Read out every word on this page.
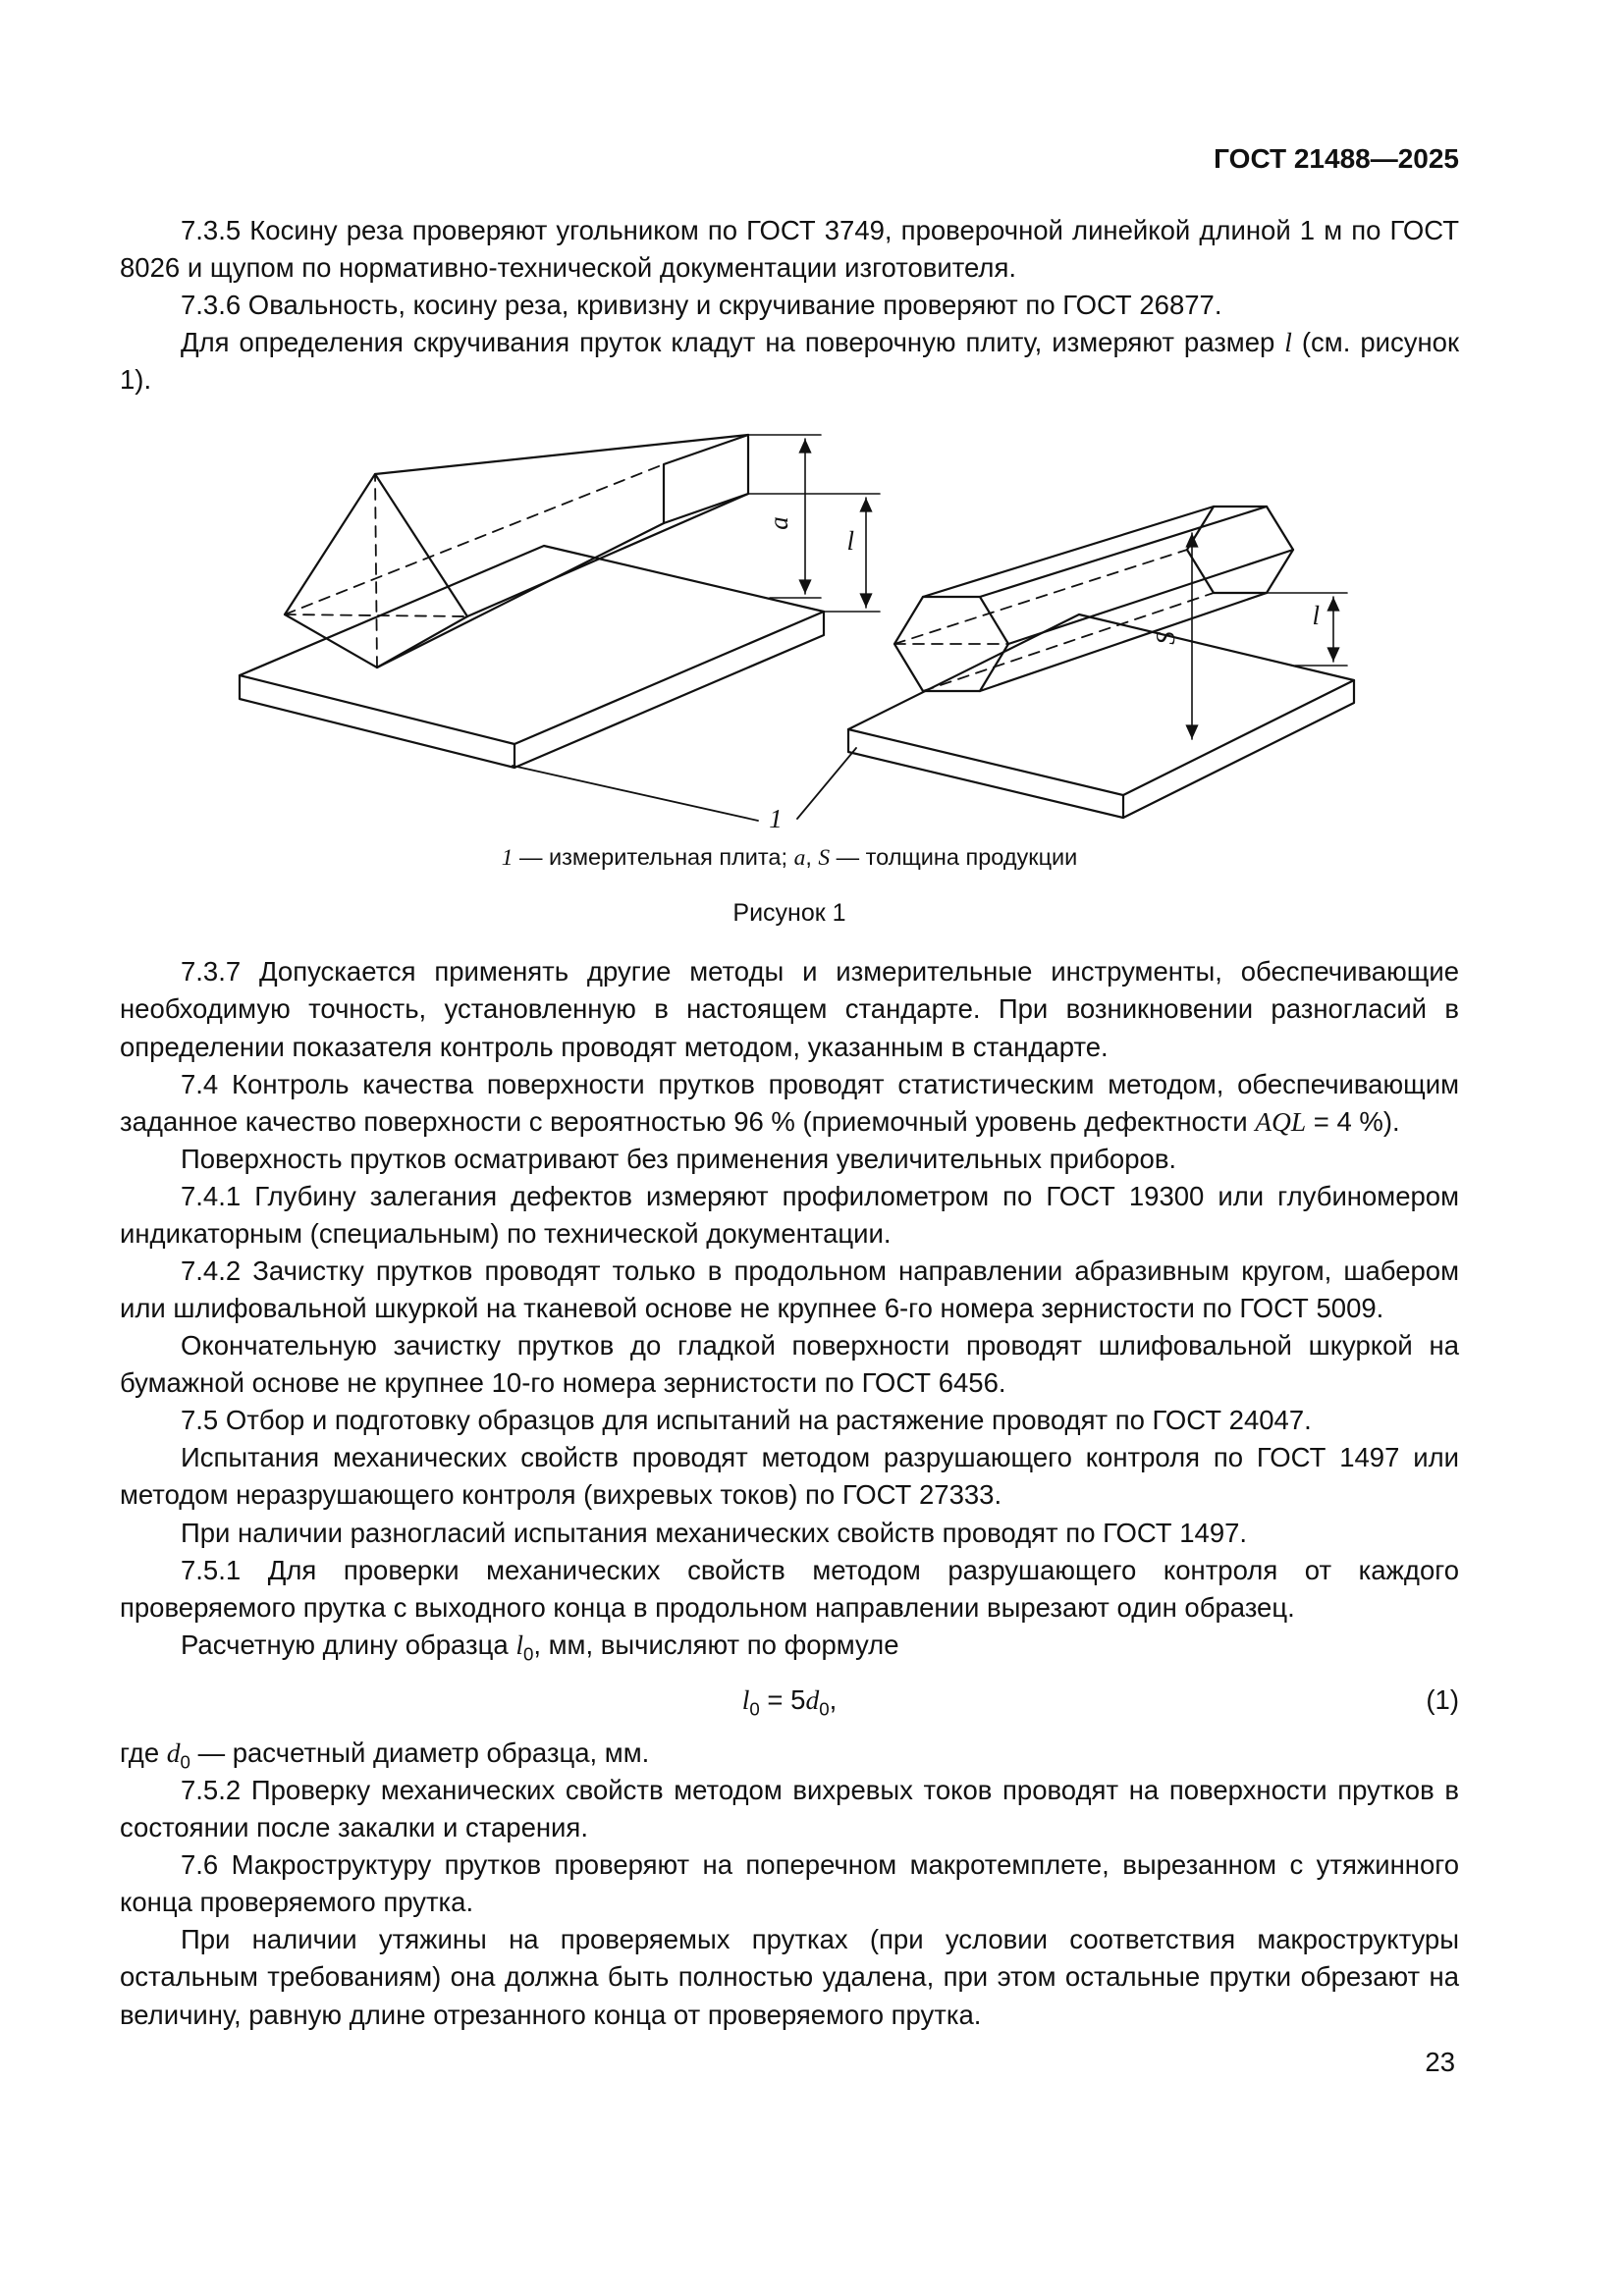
ГОСТ 21488—2025
7.3.5 Косину реза проверяют угольником по ГОСТ 3749, проверочной линейкой длиной 1 м по ГОСТ 8026 и щупом по нормативно-технической документации изготовителя.
7.3.6 Овальность, косину реза, кривизну и скручивание проверяют по ГОСТ 26877.
Для определения скручивания пруток кладут на поверочную плиту, измеряют размер l (см. рисунок 1).
l
a
1
l
S
1 — измерительная плита; a, S — толщина продукции
Рисунок 1
7.3.7 Допускается применять другие методы и измерительные инструменты, обеспечивающие необходимую точность, установленную в настоящем стандарте. При возникновении разногласий в определении показателя контроль проводят методом, указанным в стандарте.
7.4 Контроль качества поверхности прутков проводят статистическим методом, обеспечивающим заданное качество поверхности с вероятностью 96 % (приемочный уровень дефектности AQL = 4 %).
Поверхность прутков осматривают без применения увеличительных приборов.
7.4.1 Глубину залегания дефектов измеряют профилометром по ГОСТ 19300 или глубиномером индикаторным (специальным) по технической документации.
7.4.2 Зачистку прутков проводят только в продольном направлении абразивным кругом, шабером или шлифовальной шкуркой на тканевой основе не крупнее 6-го номера зернистости по ГОСТ 5009.
Окончательную зачистку прутков до гладкой поверхности проводят шлифовальной шкуркой на бумажной основе не крупнее 10-го номера зернистости по ГОСТ 6456.
7.5 Отбор и подготовку образцов для испытаний на растяжение проводят по ГОСТ 24047.
Испытания механических свойств проводят методом разрушающего контроля по ГОСТ 1497 или методом неразрушающего контроля (вихревых токов) по ГОСТ 27333.
При наличии разногласий испытания механических свойств проводят по ГОСТ 1497.
7.5.1 Для проверки механических свойств методом разрушающего контроля от каждого проверяемого прутка с выходного конца в продольном направлении вырезают один образец.
Расчетную длину образца $l_0$, мм, вычисляют по формуле
$l_0 = 5d_0$,	(1)
где $d_0$ — расчетный диаметр образца, мм.
7.5.2 Проверку механических свойств методом вихревых токов проводят на поверхности прутков в состоянии после закалки и старения.
7.6 Макроструктуру прутков проверяют на поперечном макротемплете, вырезанном с утяжинного конца проверяемого прутка.
При наличии утяжины на проверяемых прутках (при условии соответствия макроструктуры остальным требованиям) она должна быть полностью удалена, при этом остальные прутки обрезают на величину, равную длине отрезанного конца от проверяемого прутка.
23
